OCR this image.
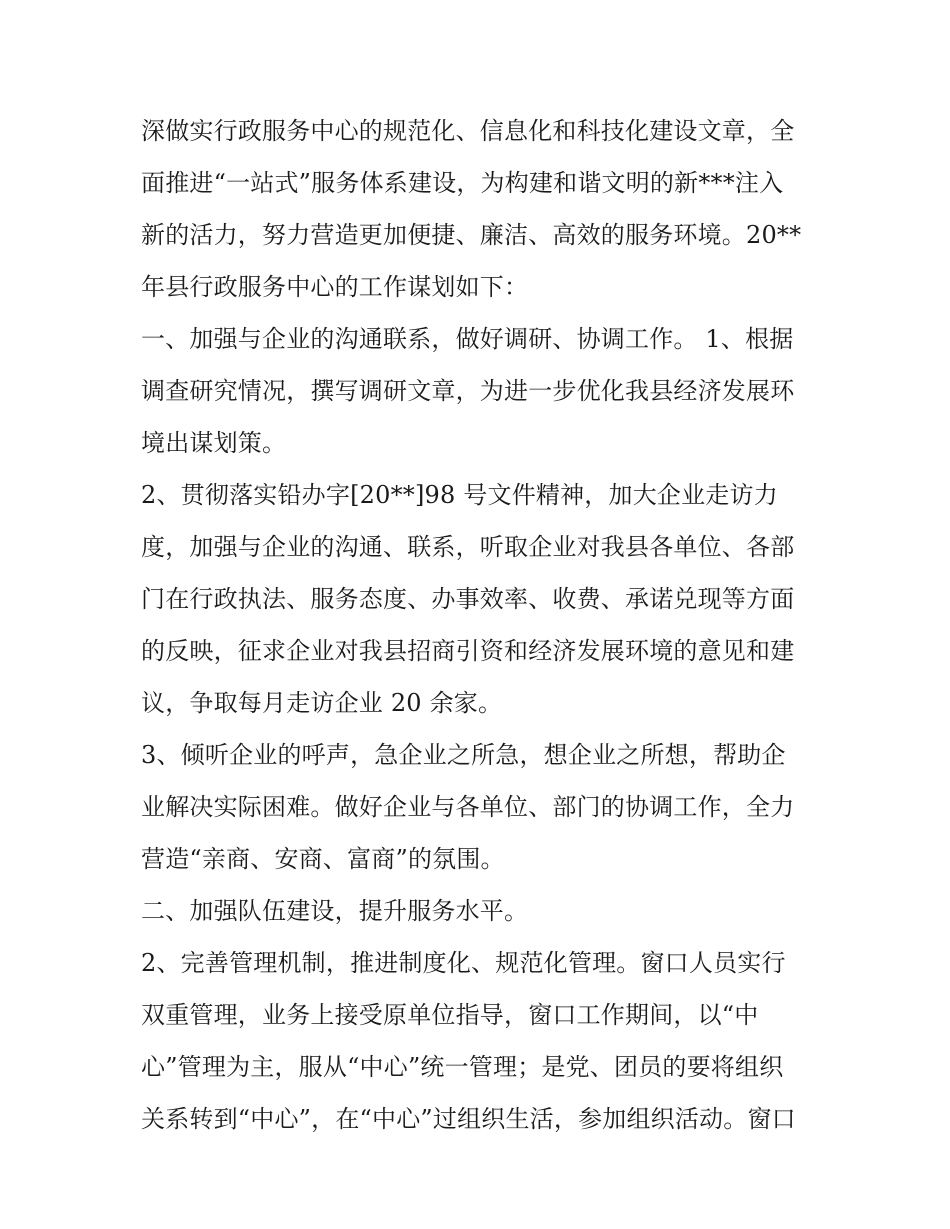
深做实行政服务中心的规范化、信息化和科技化建设文章，全
面推进“一站式”服务体系建设，为构建和谐文明的新***注入
新的活力，努力营造更加便捷、廉洁、高效的服务环境。20**
年县行政服务中心的工作谋划如下：
一、加强与企业的沟通联系，做好调研、协调工作。 1、根据
调查研究情况，撰写调研文章，为进一步优化我县经济发展环
境出谋划策。
2、贯彻落实铅办字[20**]98 号文件精神，加大企业走访力
度，加强与企业的沟通、联系，听取企业对我县各单位、各部
门在行政执法、服务态度、办事效率、收费、承诺兑现等方面
的反映，征求企业对我县招商引资和经济发展环境的意见和建
议，争取每月走访企业 20 余家。
3、倾听企业的呼声，急企业之所急，想企业之所想，帮助企
业解决实际困难。做好企业与各单位、部门的协调工作，全力
营造“亲商、安商、富商”的氛围。
二、加强队伍建设，提升服务水平。
2、完善管理机制，推进制度化、规范化管理。窗口人员实行
双重管理，业务上接受原单位指导，窗口工作期间，以“中
心”管理为主，服从“中心”统一管理；是党、团员的要将组织
关系转到“中心”，在“中心”过组织生活，参加组织活动。窗口
